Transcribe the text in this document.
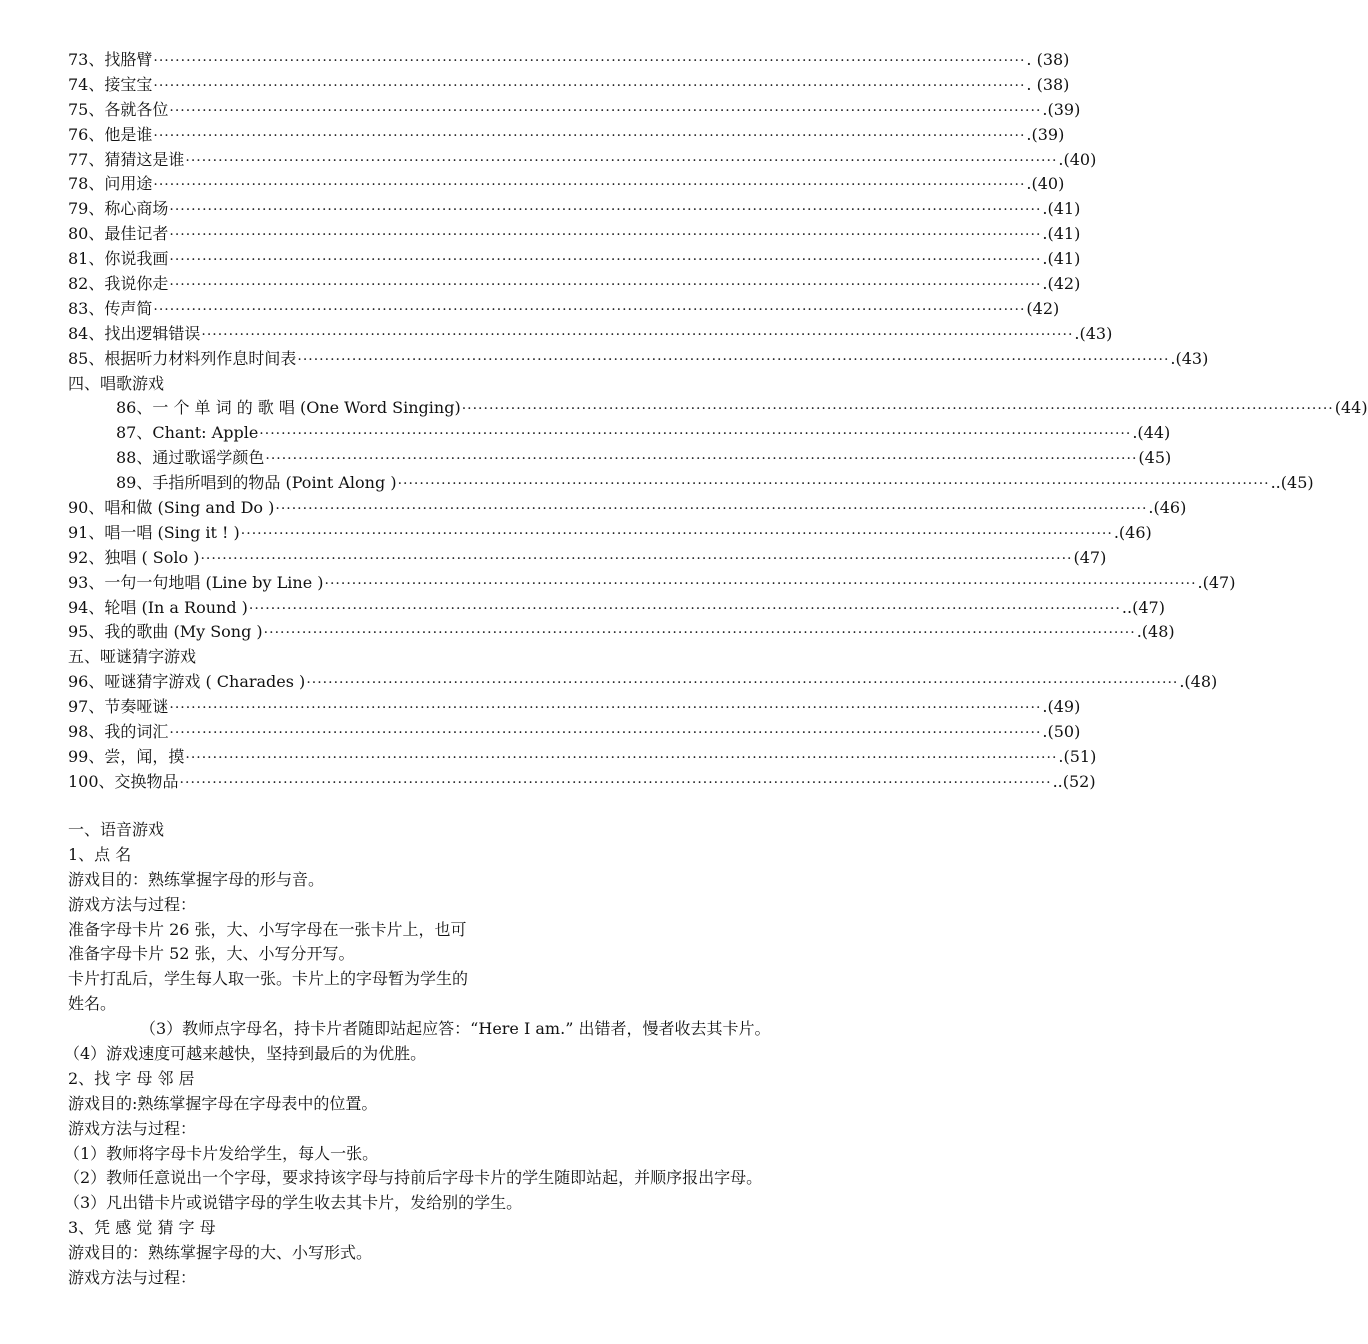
73、找胳臂 ································································································································································ . (38)
74、接宝宝 ································································································································································ . (38)
75、各就各位 ································································································································································ .(39)
76、他是谁 ································································································································································ .(39)
77、猜猜这是谁 ································································································································································ .(40)
78、问用途 ································································································································································ .(40)
79、称心商场 ································································································································································ .(41)
80、最佳记者 ································································································································································ .(41)
81、你说我画 ································································································································································ .(41)
82、我说你走 ································································································································································ .(42)
83、传声简 ································································································································································ (42)
84、找出逻辑错误 ································································································································································ .(43)
85、根据听力材料列作息时间表 ································································································································································ .(43)
四、唱歌游戏
86、一 个 单 词 的 歌 唱 (One Word Singing) ································································································································································ (44)
87、Chant: Apple ································································································································································ .(44)
88、通过歌谣学颜色 ································································································································································ (45)
89、手指所唱到的物品 (Point Along ) ································································································································································ ..(45)
90、唱和做 (Sing and Do ) ································································································································································ .(46)
91、唱一唱 (Sing it ! ) ································································································································································ .(46)
92、独唱 ( Solo ) ································································································································································ (47)
93、一句一句地唱 (Line by Line ) ································································································································································ .(47)
94、轮唱 (In a Round ) ································································································································································ ..(47)
95、我的歌曲 (My Song ) ································································································································································ .(48)
五、哑谜猜字游戏
96、哑谜猜字游戏 ( Charades ) ································································································································································ .(48)
97、节奏哑谜 ································································································································································ .(49)
98、我的词汇 ································································································································································ .(50)
99、尝，闻，摸 ································································································································································ .(51)
100、交换物品 ································································································································································ ..(52)
一、语音游戏
1、点 名
游戏目的：熟练掌握字母的形与音。
游戏方法与过程：
准备字母卡片 26 张，大、小写字母在一张卡片上，也可
准备字母卡片 52 张，大、小写分开写。
卡片打乱后，学生每人取一张。卡片上的字母暂为学生的
姓名。
（3）教师点字母名，持卡片者随即站起应答：“Here I am.” 出错者，慢者收去其卡片。
（4）游戏速度可越来越快，坚持到最后的为优胜。
2、找 字 母 邻 居
游戏目的:熟练掌握字母在字母表中的位置。
游戏方法与过程：
（1）教师将字母卡片发给学生，每人一张。
（2）教师任意说出一个字母，要求持该字母与持前后字母卡片的学生随即站起，并顺序报出字母。
（3）凡出错卡片或说错字母的学生收去其卡片，发给别的学生。
3、凭 感 觉 猜 字 母
游戏目的：熟练掌握字母的大、小写形式。
游戏方法与过程：
